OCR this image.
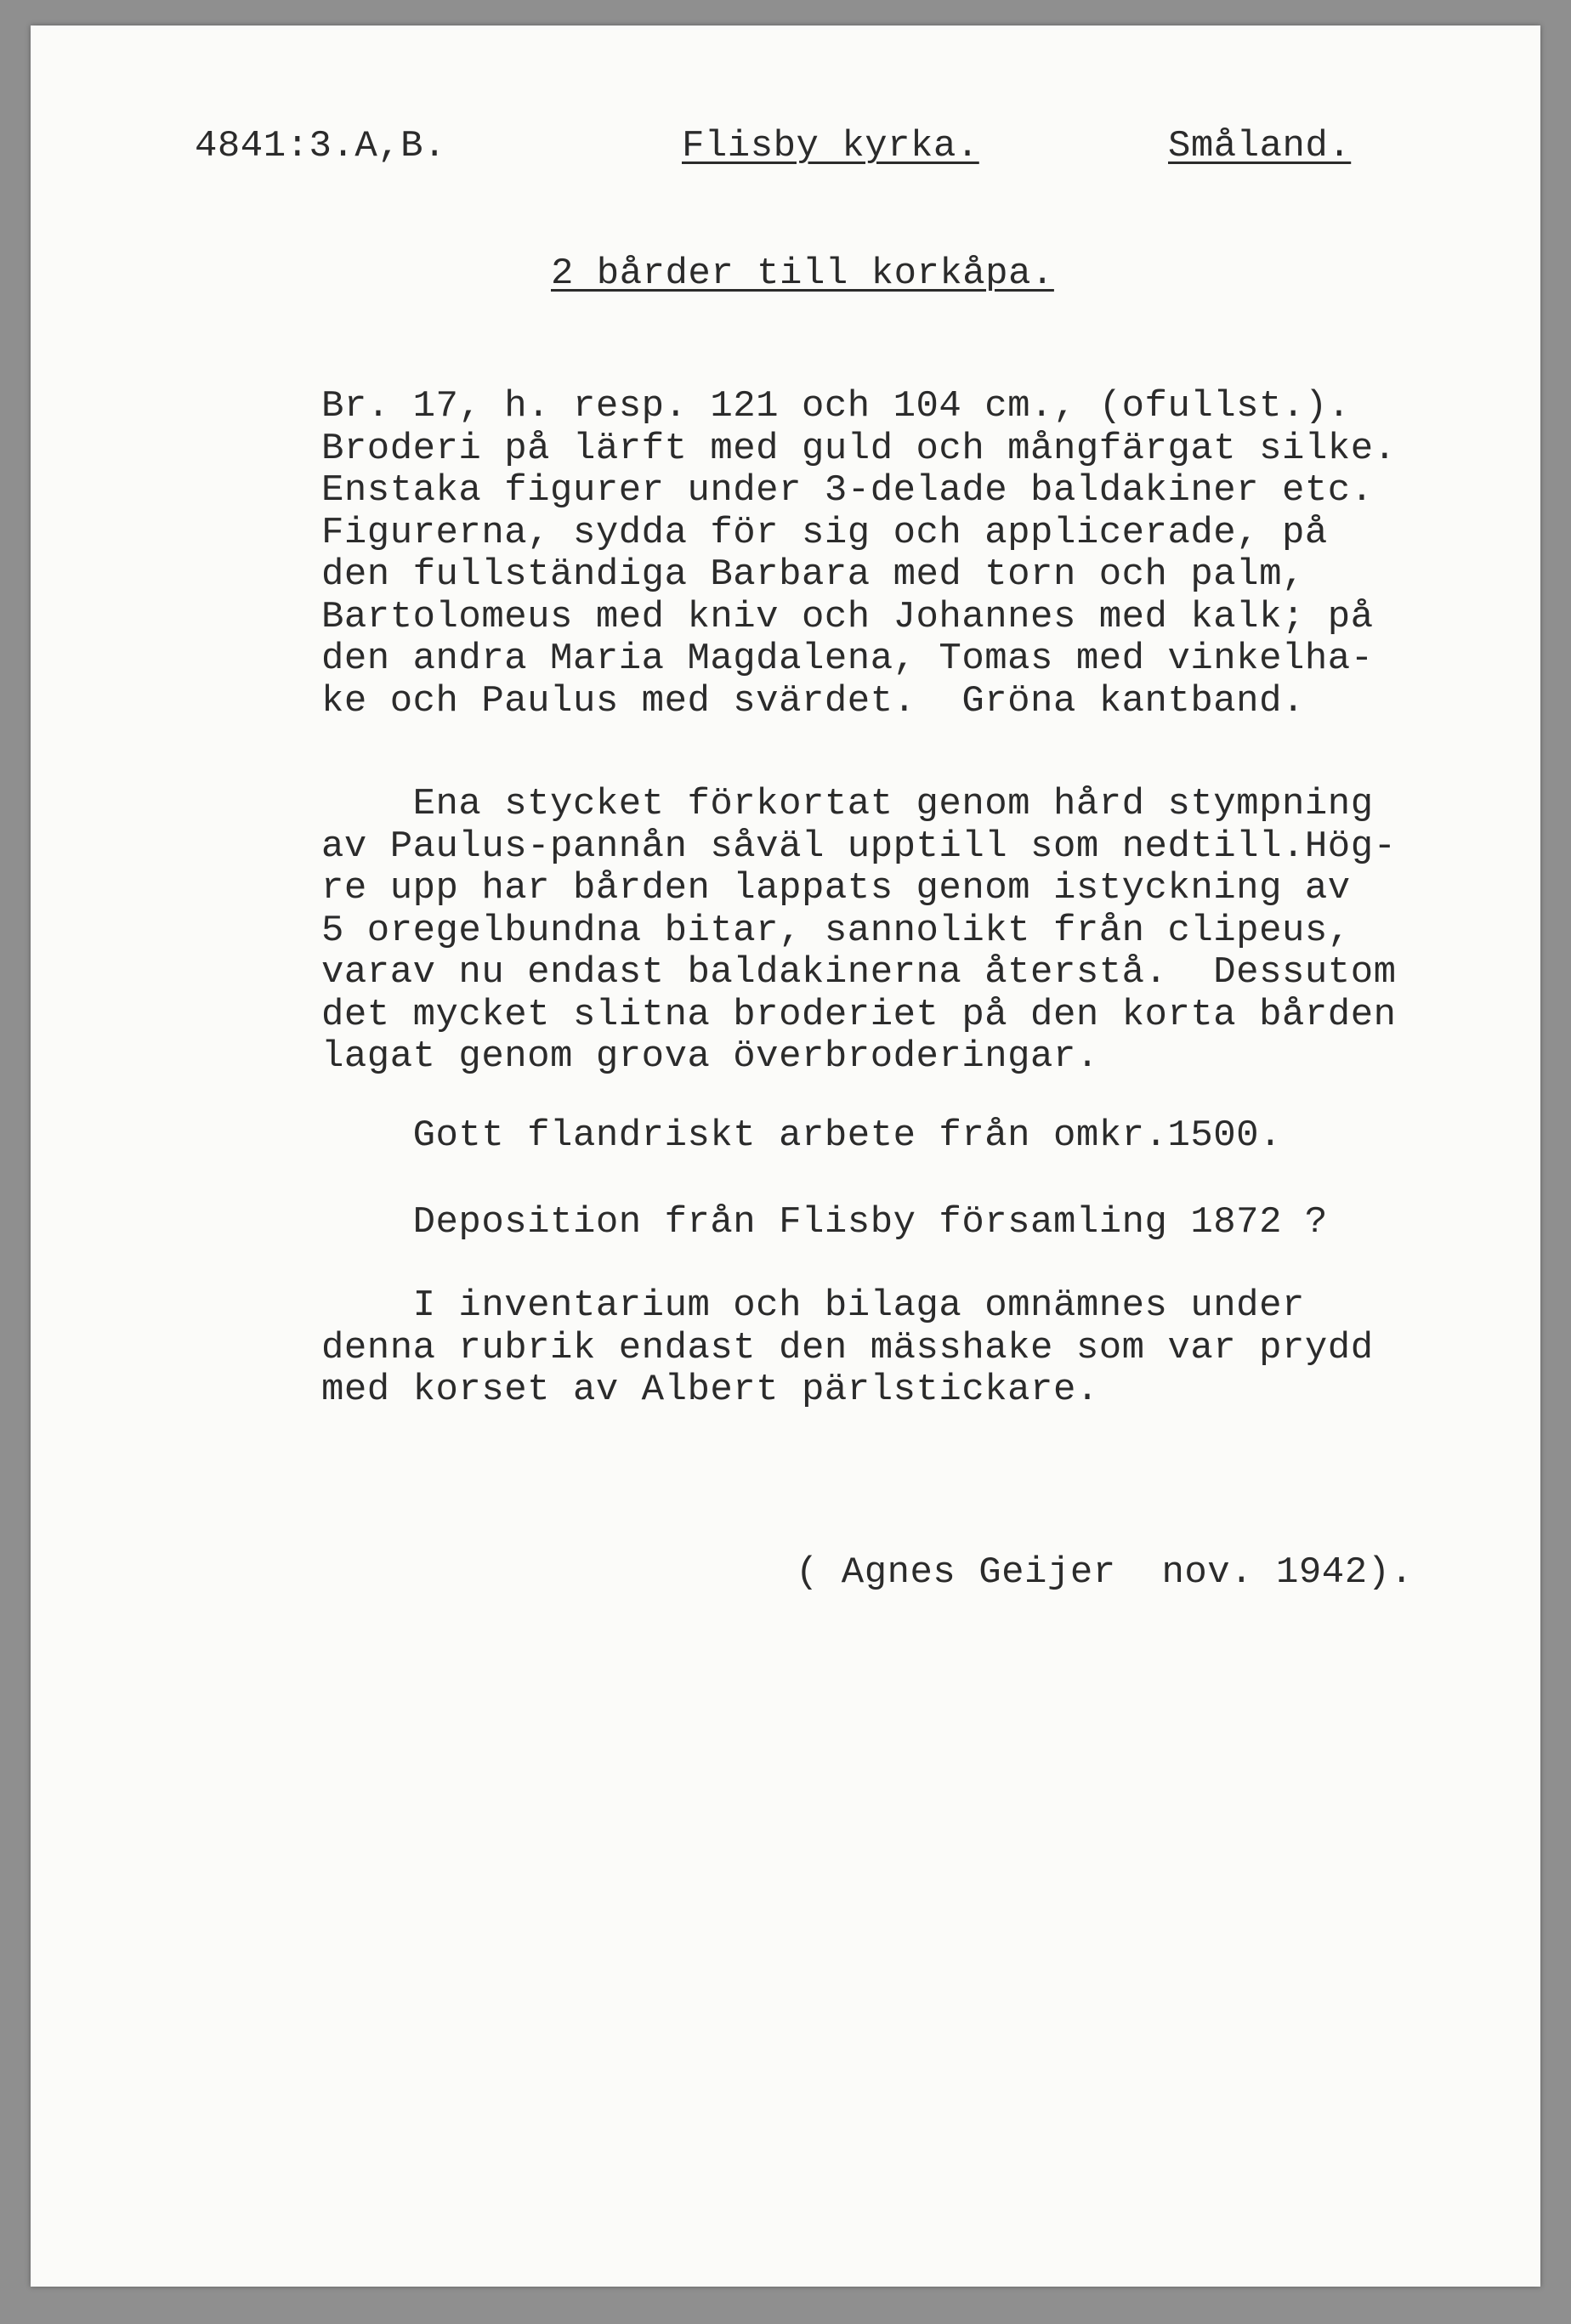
4841:3.A,B.	Flisby kyrka.	Småland.
2 bårder till korkåpa.
Br. 17, h. resp. 121 och 104 cm., (ofullst.).
Broderi på lärft med guld och mångfärgat silke.
Enstaka figurer under 3-delade baldakiner etc.
Figurerna, sydda för sig och applicerade, på
den fullständiga Barbara med torn och palm,
Bartolomeus med kniv och Johannes med kalk; på
den andra Maria Magdalena, Tomas med vinkelha-
ke och Paulus med svärdet.  Gröna kantband.
Ena stycket förkortat genom hård stympning
av Paulus-pannån såväl upptill som nedtill.Hög-
re upp har bården lappats genom istyckning av
5 oregelbundna bitar, sannolikt från clipeus,
varav nu endast baldakinerna återstå.  Dessutom
det mycket slitna broderiet på den korta bården
lagat genom grova överbroderingar.
Gott flandriskt arbete från omkr.1500.
Deposition från Flisby församling 1872 ?
I inventarium och bilaga omnämnes under
denna rubrik endast den mässhake som var prydd
med korset av Albert pärlstickare.
( Agnes Geijer  nov. 1942).
